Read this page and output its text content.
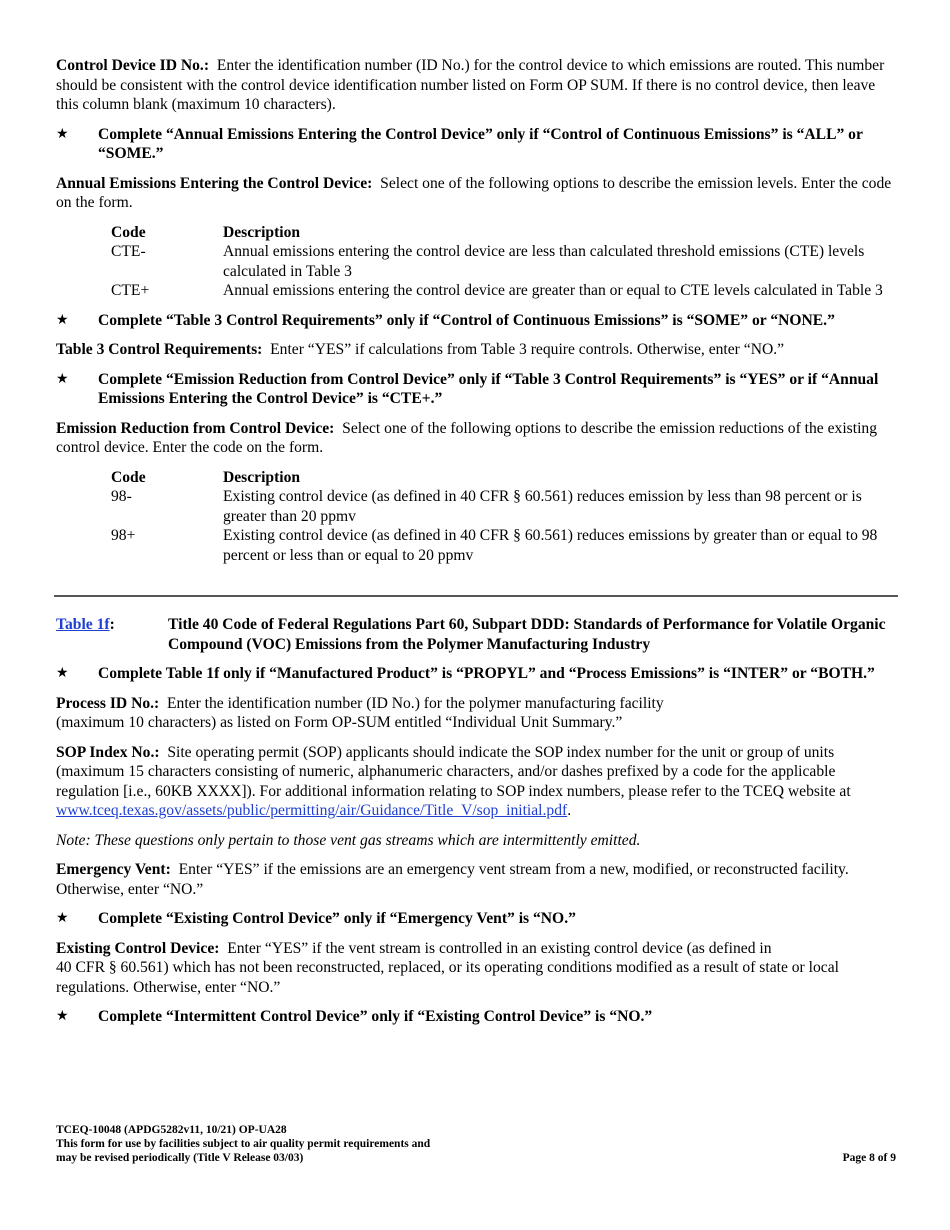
Control Device ID No.: Enter the identification number (ID No.) for the control device to which emissions are routed. This number should be consistent with the control device identification number listed on Form OP SUM. If there is no control device, then leave this column blank (maximum 10 characters).

★	Complete “Annual Emissions Entering the Control Device” only if “Control of Continuous Emissions” is “ALL” or “SOME.”

Annual Emissions Entering the Control Device: Select one of the following options to describe the emission levels. Enter the code on the form.

Code	Description
CTE-	Annual emissions entering the control device are less than calculated threshold emissions (CTE) levels calculated in Table 3
CTE+	Annual emissions entering the control device are greater than or equal to CTE levels calculated in Table 3
★	Complete “Table 3 Control Requirements” only if “Control of Continuous Emissions” is “SOME” or “NONE.”

Table 3 Control Requirements: Enter “YES” if calculations from Table 3 require controls. Otherwise, enter “NO.”

★	Complete “Emission Reduction from Control Device” only if “Table 3 Control Requirements” is “YES” or if “Annual Emissions Entering the Control Device” is “CTE+.”

Emission Reduction from Control Device: Select one of the following options to describe the emission reductions of the existing control device. Enter the code on the form.

Code	Description
98-	Existing control device (as defined in 40 CFR § 60.561) reduces emission by less than 98 percent or is greater than 20 ppmv
98+	Existing control device (as defined in 40 CFR § 60.561) reduces emissions by greater than or equal to 98 percent or less than or equal to 20 ppmv
Table 1f:	Title 40 Code of Federal Regulations Part 60, Subpart DDD: Standards of Performance for Volatile Organic Compound (VOC) Emissions from the Polymer Manufacturing Industry
★	Complete Table 1f only if “Manufactured Product” is “PROPYL” and “Process Emissions” is “INTER” or “BOTH.”

Process ID No.: Enter the identification number (ID No.) for the polymer manufacturing facility
(maximum 10 characters) as listed on Form OP-SUM entitled “Individual Unit Summary.”

SOP Index No.: Site operating permit (SOP) applicants should indicate the SOP index number for the unit or group of units (maximum 15 characters consisting of numeric, alphanumeric characters, and/or dashes prefixed by a code for the applicable regulation [i.e., 60KB XXXX]). For additional information relating to SOP index numbers, please refer to the TCEQ website at www.tceq.texas.gov/assets/public/permitting/air/Guidance/Title_V/sop_initial.pdf.

Note: These questions only pertain to those vent gas streams which are intermittently emitted.

Emergency Vent: Enter “YES” if the emissions are an emergency vent stream from a new, modified, or reconstructed facility. Otherwise, enter “NO.”

★	Complete “Existing Control Device” only if “Emergency Vent” is “NO.”

Existing Control Device: Enter “YES” if the vent stream is controlled in an existing control device (as defined in
40 CFR § 60.561) which has not been reconstructed, replaced, or its operating conditions modified as a result of state or local regulations. Otherwise, enter “NO.”

★	Complete “Intermittent Control Device” only if “Existing Control Device” is “NO.”
TCEQ-10048 (APDG5282v11, 10/21) OP-UA28
This form for use by facilities subject to air quality permit requirements and
may be revised periodically (Title V Release 03/03)	Page 8 of 9
